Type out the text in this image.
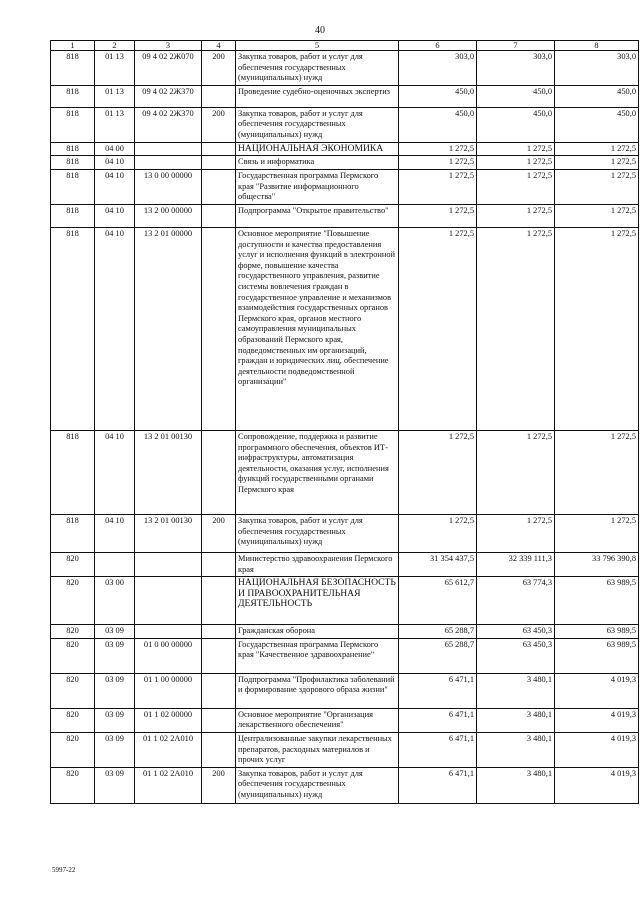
40
1	2	3	4	5	6	7	8
818	01 13	09 4 02 2Ж070	200	Закупка товаров, работ и услуг для обеспечения государственных (муниципальных) нужд	303,0	303,0	303,0
818	01 13	09 4 02 2Ж370		Проведение судебно-оценочных экспертиз	450,0	450,0	450,0
818	01 13	09 4 02 2Ж370	200	Закупка товаров, работ и услуг для обеспечения государственных (муниципальных) нужд	450,0	450,0	450,0
818	04 00			НАЦИОНАЛЬНАЯ ЭКОНОМИКА	1 272,5	1 272,5	1 272,5
818	04 10			Связь и информатика	1 272,5	1 272,5	1 272,5
818	04 10	13 0 00 00000		Государственная программа Пермского края "Развитие информационного общества"	1 272,5	1 272,5	1 272,5
818	04 10	13 2 00 00000		Подпрограмма "Открытое правительство"	1 272,5	1 272,5	1 272,5
818	04 10	13 2 01 00000		Основное мероприятие "Повышение доступности и качества предоставления услуг и исполнения функций в электронной форме, повышение качества государственного управления, развитие системы вовлечения граждан в государственное управление и механизмов взаимодействия государственных органов Пермского края, органов местного самоуправления муниципальных образований Пермского края, подведомственных им организаций, граждан и юридических лиц, обеспечение деятельности подведомственной организации"	1 272,5	1 272,5	1 272,5
818	04 10	13 2 01 00130		Сопровождение, поддержка и развитие программного обеспечения, объектов ИТ-инфраструктуры, автоматизация деятельности, оказания услуг, исполнения функций государственными органами Пермского края	1 272,5	1 272,5	1 272,5
818	04 10	13 2 01 00130	200	Закупка товаров, работ и услуг для обеспечения государственных (муниципальных) нужд	1 272,5	1 272,5	1 272,5
820				Министерство здравоохранения Пермского края	31 354 437,5	32 339 111,3	33 796 390,8
820	03 00			НАЦИОНАЛЬНАЯ БЕЗОПАСНОСТЬ И ПРАВООХРАНИТЕЛЬНАЯ ДЕЯТЕЛЬНОСТЬ	65 612,7	63 774,3	63 989,5
820	03 09			Гражданская оборона	65 288,7	63 450,3	63 989,5
820	03 09	01 0 00 00000		Государственная программа Пермского края "Качественное здравоохранение"	65 288,7	63 450,3	63 989,5
820	03 09	01 1 00 00000		Подпрограмма "Профилактика заболеваний и формирование здорового образа жизни"	6 471,1	3 480,1	4 019,3
820	03 09	01 1 02 00000		Основное мероприятие "Организация лекарственного обеспечения"	6 471,1	3 480,1	4 019,3
820	03 09	01 1 02 2А010		Централизованные закупки лекарственных препаратов, расходных материалов и прочих услуг	6 471,1	3 480,1	4 019,3
820	03 09	01 1 02 2А010	200	Закупка товаров, работ и услуг для обеспечения государственных (муниципальных) нужд	6 471,1	3 480,1	4 019,3
5997-22
